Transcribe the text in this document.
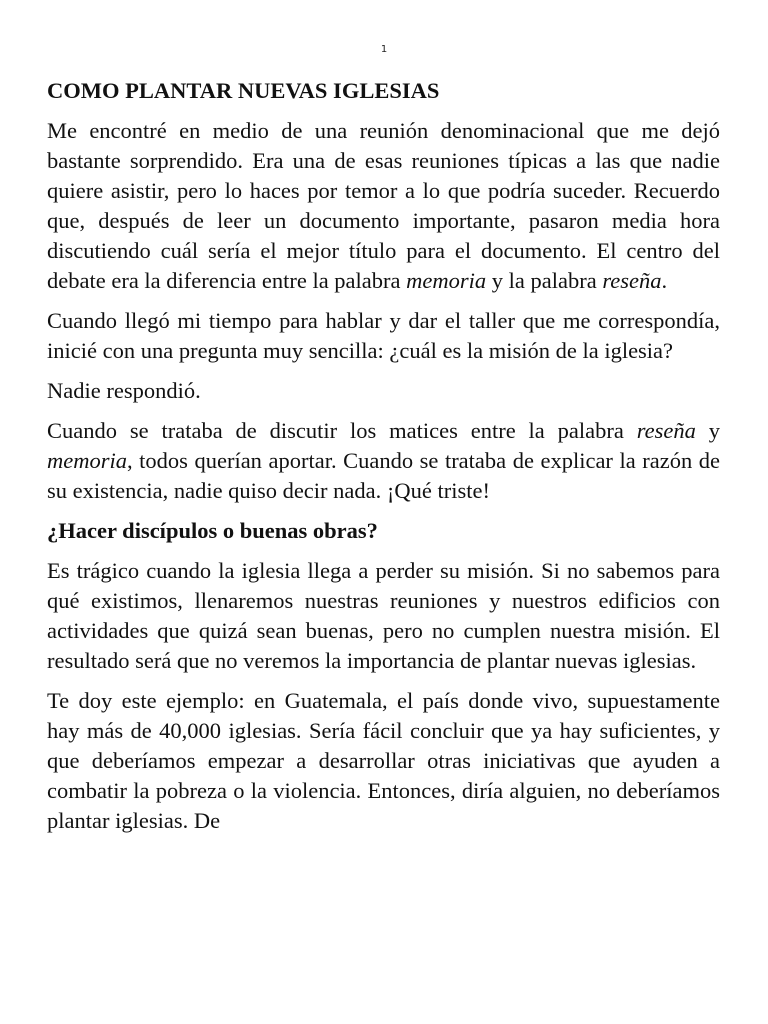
1
COMO PLANTAR NUEVAS IGLESIAS

Me encontré en medio de una reunión denominacional que me dejó bastante sorprendido. Era una de esas reuniones típicas a las que nadie quiere asistir, pero lo haces por temor a lo que podría suceder. Recuerdo que, después de leer un documento importante, pasaron media hora discutiendo cuál sería el mejor título para el documento. El centro del debate era la diferencia entre la palabra memoria y la palabra reseña.

Cuando llegó mi tiempo para hablar y dar el taller que me correspondía, inicié con una pregunta muy sencilla: ¿cuál es la misión de la iglesia?

Nadie respondió.

Cuando se trataba de discutir los matices entre la palabra reseña y memoria, todos querían aportar. Cuando se trataba de explicar la razón de su existencia, nadie quiso decir nada. ¡Qué triste!

¿Hacer discípulos o buenas obras?

Es trágico cuando la iglesia llega a perder su misión. Si no sabemos para qué existimos, llenaremos nuestras reuniones y nuestros edificios con actividades que quizá sean buenas, pero no cumplen nuestra misión. El resultado será que no veremos la importancia de plantar nuevas iglesias.

Te doy este ejemplo: en Guatemala, el país donde vivo, supuestamente hay más de 40,000 iglesias. Sería fácil concluir que ya hay suficientes, y que deberíamos empezar a desarrollar otras iniciativas que ayuden a combatir la pobreza o la violencia. Entonces, diría alguien, no deberíamos plantar iglesias. De
